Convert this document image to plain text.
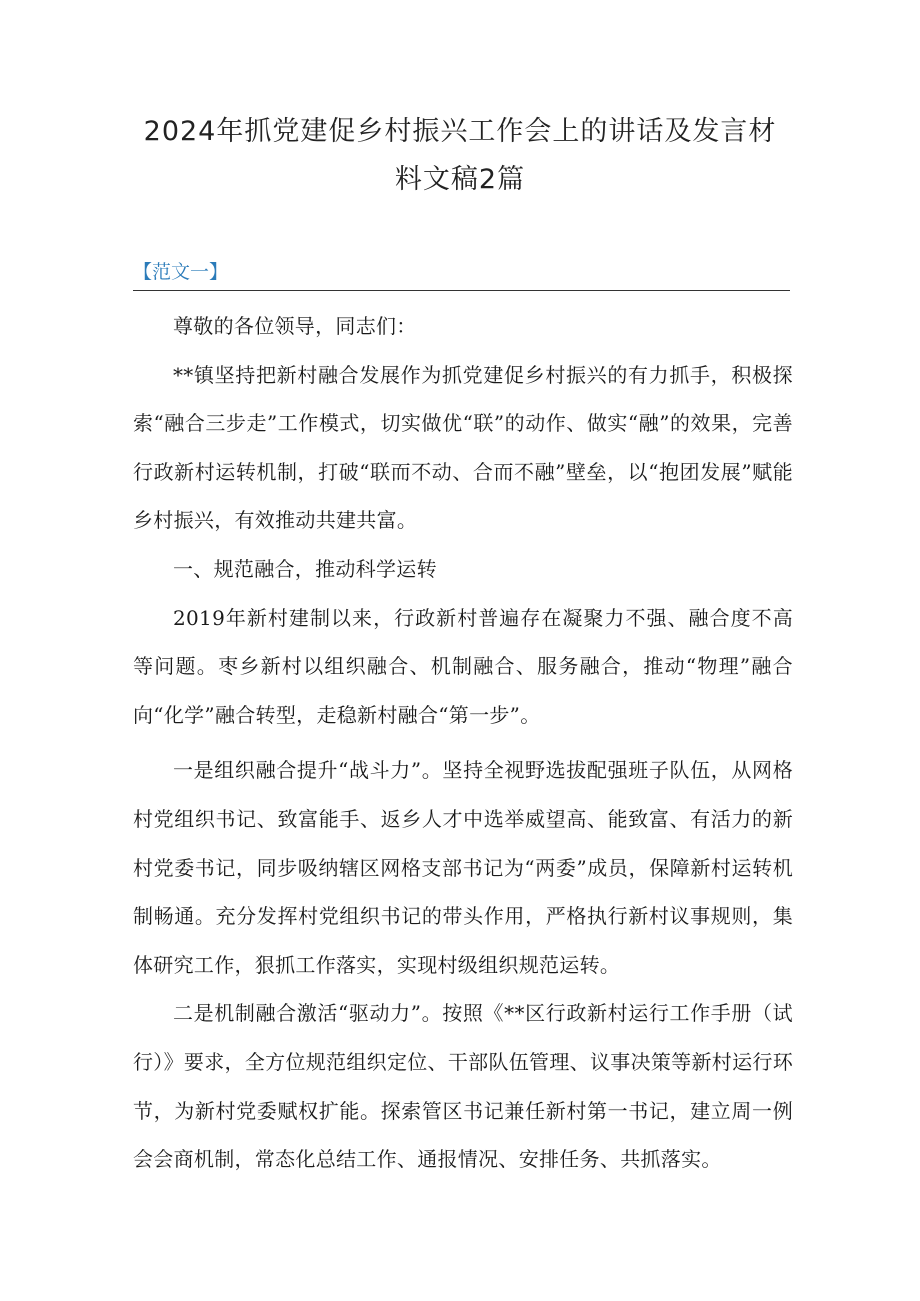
2024年抓党建促乡村振兴工作会上的讲话及发言材
料文稿2篇
【范文一】

尊敬的各位领导，同志们：

**镇坚持把新村融合发展作为抓党建促乡村振兴的有力抓手，积极探索“融合三步走”工作模式，切实做优“联”的动作、做实“融”的效果，完善行政新村运转机制，打破“联而不动、合而不融”壁垒，以“抱团发展”赋能乡村振兴，有效推动共建共富。

一、规范融合，推动科学运转

2019年新村建制以来，行政新村普遍存在凝聚力不强、融合度不高等问题。枣乡新村以组织融合、机制融合、服务融合，推动“物理”融合向“化学”融合转型，走稳新村融合“第一步”。

一是组织融合提升“战斗力”。坚持全视野选拔配强班子队伍，从网格村党组织书记、致富能手、返乡人才中选举威望高、能致富、有活力的新村党委书记，同步吸纳辖区网格支部书记为“两委”成员，保障新村运转机制畅通。充分发挥村党组织书记的带头作用，严格执行新村议事规则，集体研究工作，狠抓工作落实，实现村级组织规范运转。

二是机制融合激活“驱动力”。按照《**区行政新村运行工作手册（试行）》要求，全方位规范组织定位、干部队伍管理、议事决策等新村运行环节，为新村党委赋权扩能。探索管区书记兼任新村第一书记，建立周一例会会商机制，常态化总结工作、通报情况、安排任务、共抓落实。
